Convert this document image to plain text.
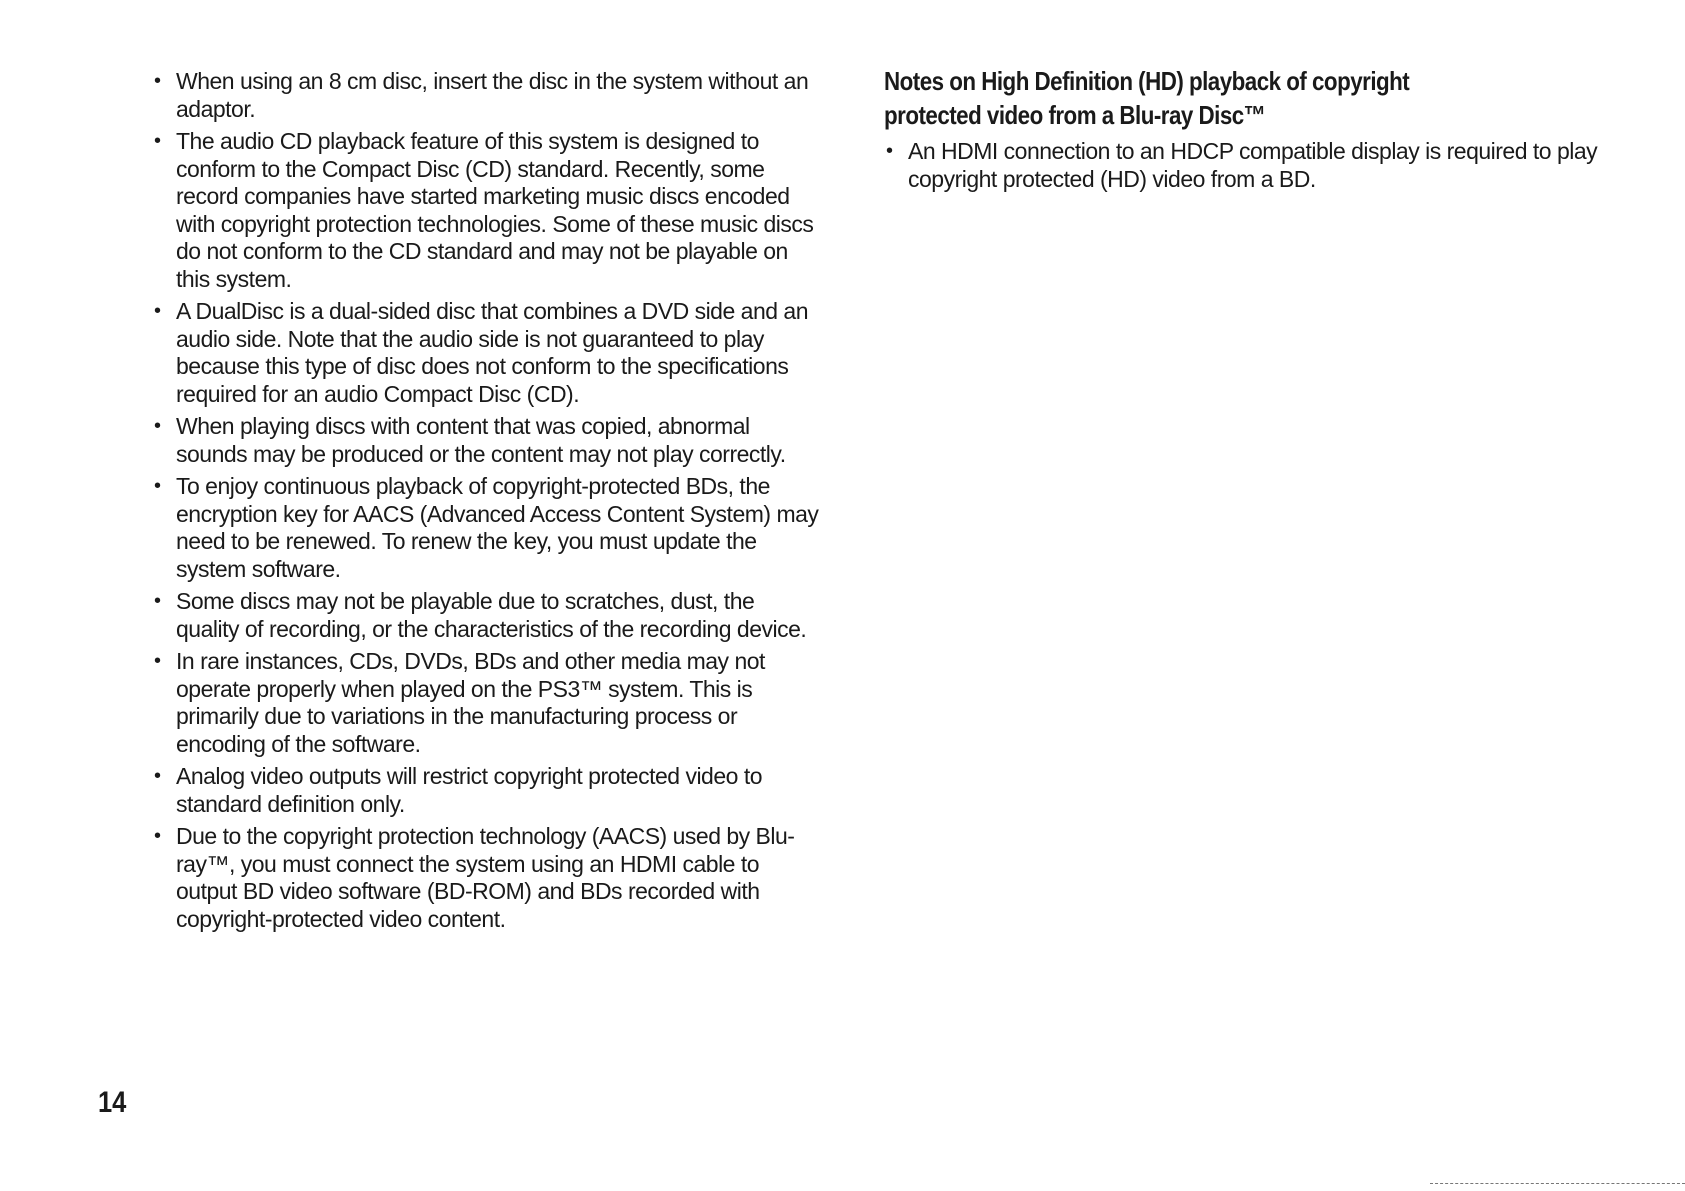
• When using an 8 cm disc, insert the disc in the system without an adaptor.
• The audio CD playback feature of this system is designed to conform to the Compact Disc (CD) standard. Recently, some record companies have started marketing music discs encoded with copyright protection technologies. Some of these music discs do not conform to the CD standard and may not be playable on this system.
• A DualDisc is a dual-sided disc that combines a DVD side and an audio side. Note that the audio side is not guaranteed to play because this type of disc does not conform to the specifications required for an audio Compact Disc (CD).
• When playing discs with content that was copied, abnormal sounds may be produced or the content may not play correctly.
• To enjoy continuous playback of copyright-protected BDs, the encryption key for AACS (Advanced Access Content System) may need to be renewed. To renew the key, you must update the system software.
• Some discs may not be playable due to scratches, dust, the quality of recording, or the characteristics of the recording device.
• In rare instances, CDs, DVDs, BDs and other media may not operate properly when played on the PS3™ system. This is primarily due to variations in the manufacturing process or encoding of the software.
• Analog video outputs will restrict copyright protected video to standard definition only.
• Due to the copyright protection technology (AACS) used by Blu-ray™, you must connect the system using an HDMI cable to output BD video software (BD-ROM) and BDs recorded with copyright-protected video content.
Notes on High Definition (HD) playback of copyright
protected video from a Blu-ray Disc™
• An HDMI connection to an HDCP compatible display is required to play copyright protected (HD) video from a BD.
14
